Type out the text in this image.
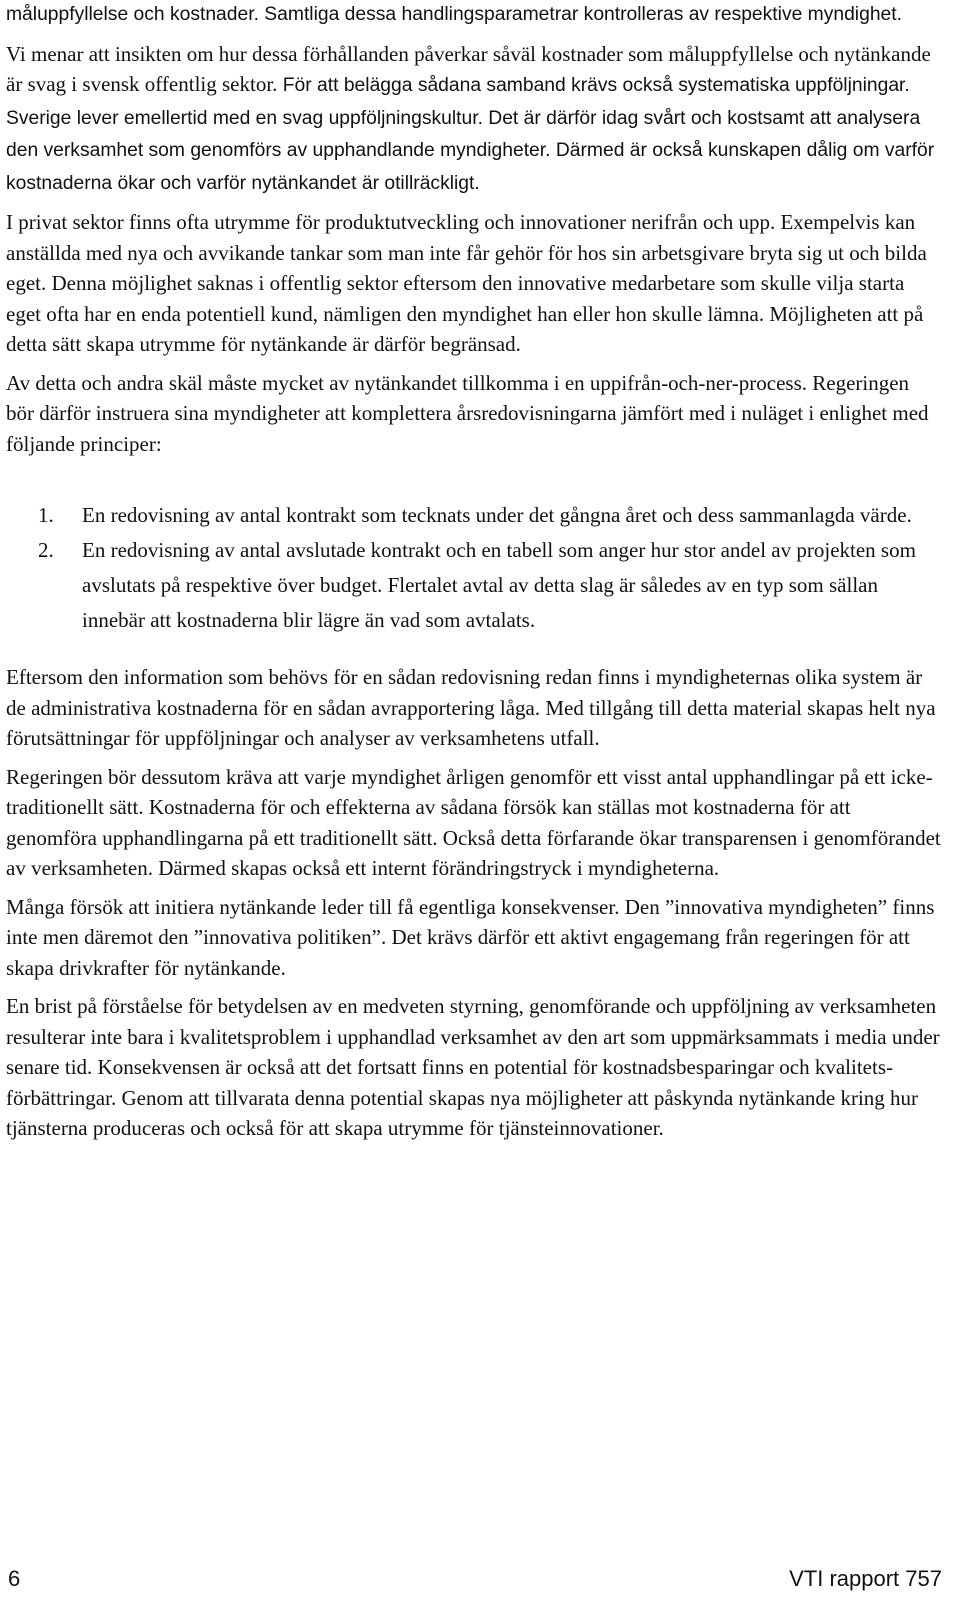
måluppfyllelse och kostnader. Samtliga dessa handlingsparametrar kontrolleras av respektive myndighet.

Vi menar att insikten om hur dessa förhållanden påverkar såväl kostnader som måluppfyllelse och nytänkande är svag i svensk offentlig sektor. För att belägga sådana samband krävs också systematiska uppföljningar. Sverige lever emellertid med en svag uppföljningskultur. Det är därför idag svårt och kostsamt att analysera den verksamhet som genomförs av upphandlande myndigheter. Därmed är också kunskapen dålig om varför kostnaderna ökar och varför nytänkandet är otillräckligt.

I privat sektor finns ofta utrymme för produktutveckling och innovationer nerifrån och upp. Exempelvis kan anställda med nya och avvikande tankar som man inte får gehör för hos sin arbetsgivare bryta sig ut och bilda eget. Denna möjlighet saknas i offentlig sektor eftersom den innovative medarbetare som skulle vilja starta eget ofta har en enda potentiell kund, nämligen den myndighet han eller hon skulle lämna. Möjligheten att på detta sätt skapa utrymme för nytänkande är därför begränsad.

Av detta och andra skäl måste mycket av nytänkandet tillkomma i en uppifrån-och-ner-process. Regeringen bör därför instruera sina myndigheter att komplettera årsredovisningarna jämfört med i nuläget i enlighet med följande principer:

1. En redovisning av antal kontrakt som tecknats under det gångna året och dess sammanlagda värde.
2. En redovisning av antal avslutade kontrakt och en tabell som anger hur stor andel av projekten som avslutats på respektive över budget. Flertalet avtal av detta slag är således av en typ som sällan innebär att kostnaderna blir lägre än vad som avtalats.

Eftersom den information som behövs för en sådan redovisning redan finns i myndigheternas olika system är de administrativa kostnaderna för en sådan avrapportering låga. Med tillgång till detta material skapas helt nya förutsättningar för uppföljningar och analyser av verksamhetens utfall.

Regeringen bör dessutom kräva att varje myndighet årligen genomför ett visst antal upphandlingar på ett icke-traditionellt sätt. Kostnaderna för och effekterna av sådana försök kan ställas mot kostnaderna för att genomföra upphandlingarna på ett traditionellt sätt. Också detta förfarande ökar transparensen i genomförandet av verksamheten. Därmed skapas också ett internt förändringstryck i myndigheterna.

Många försök att initiera nytänkande leder till få egentliga konsekvenser. Den ”innovativa myndigheten” finns inte men däremot den ”innovativa politiken”. Det krävs därför ett aktivt engagemang från regeringen för att skapa drivkrafter för nytänkande.

En brist på förståelse för betydelsen av en medveten styrning, genomförande och uppföljning av verksamheten resulterar inte bara i kvalitetsproblem i upphandlad verksamhet av den art som uppmärksammats i media under senare tid. Konsekvensen är också att det fortsatt finns en potential för kostnadsbesparingar och kvalitets-förbättringar. Genom att tillvarata denna potential skapas nya möjligheter att påskynda nytänkande kring hur tjänsterna produceras och också för att skapa utrymme för tjänsteinnovationer.

6	VTI rapport 757
